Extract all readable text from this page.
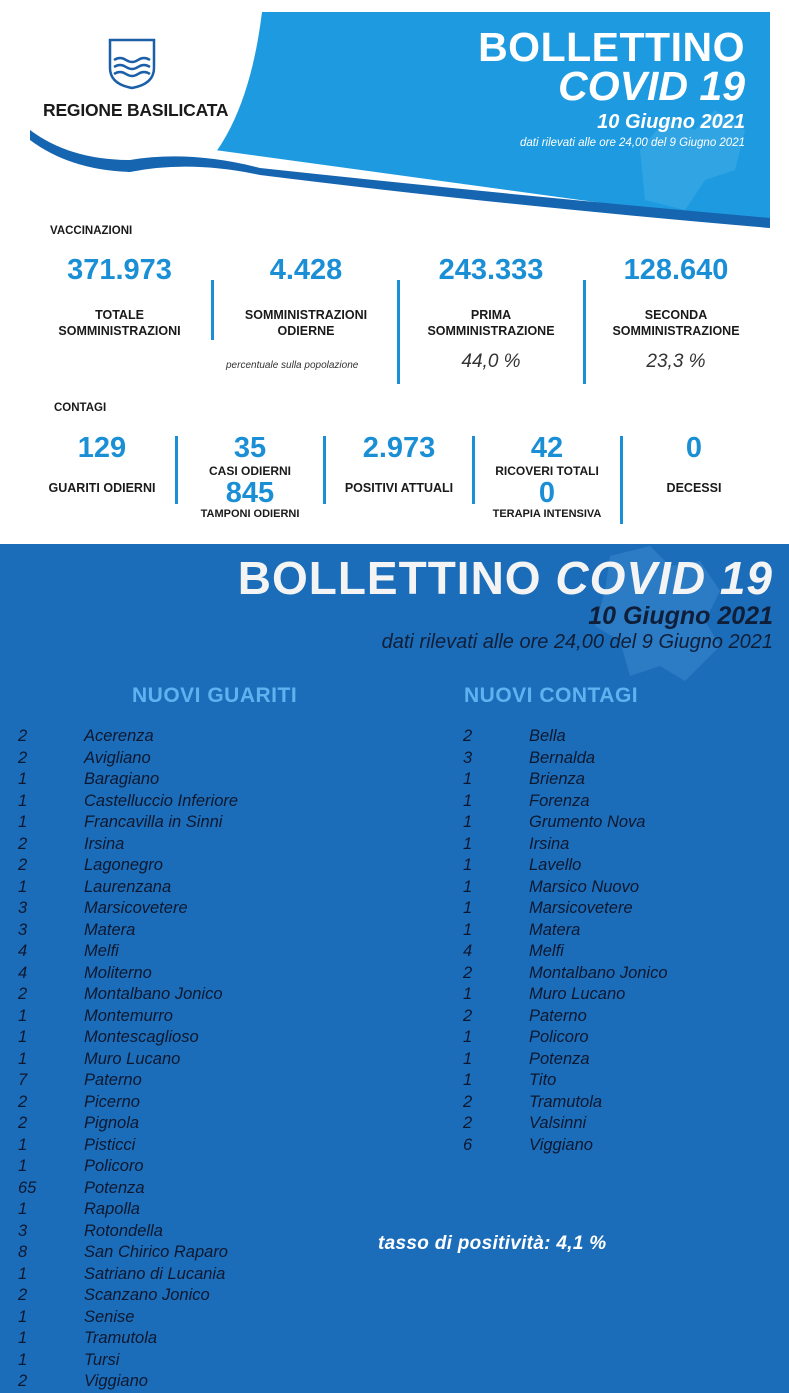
REGIONE BASILICATA
BOLLETTINO
COVID 19
10 Giugno 2021
dati rilevati alle ore 24,00 del 9 Giugno 2021
VACCINAZIONI
371.973
TOTALE
SOMMINISTRAZIONI
4.428
SOMMINISTRAZIONI
ODIERNE
percentuale sulla popolazione
243.333
PRIMA
SOMMINISTRAZIONE
44,0 %
128.640
SECONDA
SOMMINISTRAZIONE
23,3 %
CONTAGI
129
GUARITI ODIERNI
35
CASI ODIERNI
845
TAMPONI ODIERNI
2.973
POSITIVI ATTUALI
42
RICOVERI TOTALI
0
TERAPIA INTENSIVA
0
DECESSI
BOLLETTINO COVID 19
10 Giugno 2021
dati rilevati alle ore 24,00 del 9 Giugno 2021
NUOVI GUARITI	NUOVI CONTAGI
2	Acerenza
2	Avigliano
1	Baragiano
1	Castelluccio Inferiore
1	Francavilla in Sinni
2	Irsina
2	Lagonegro
1	Laurenzana
3	Marsicovetere
3	Matera
4	Melfi
4	Moliterno
2	Montalbano Jonico
1	Montemurro
1	Montescaglioso
1	Muro Lucano
7	Paterno
2	Picerno
2	Pignola
1	Pisticci
1	Policoro
65	Potenza
1	Rapolla
3	Rotondella
8	San Chirico Raparo
1	Satriano di Lucania
2	Scanzano Jonico
1	Senise
1	Tramutola
1	Tursi
2	Viggiano
2	Bella
3	Bernalda
1	Brienza
1	Forenza
1	Grumento Nova
1	Irsina
1	Lavello
1	Marsico Nuovo
1	Marsicovetere
1	Matera
4	Melfi
2	Montalbano Jonico
1	Muro Lucano
2	Paterno
1	Policoro
1	Potenza
1	Tito
2	Tramutola
2	Valsinni
6	Viggiano
tasso di positività: 4,1 %
